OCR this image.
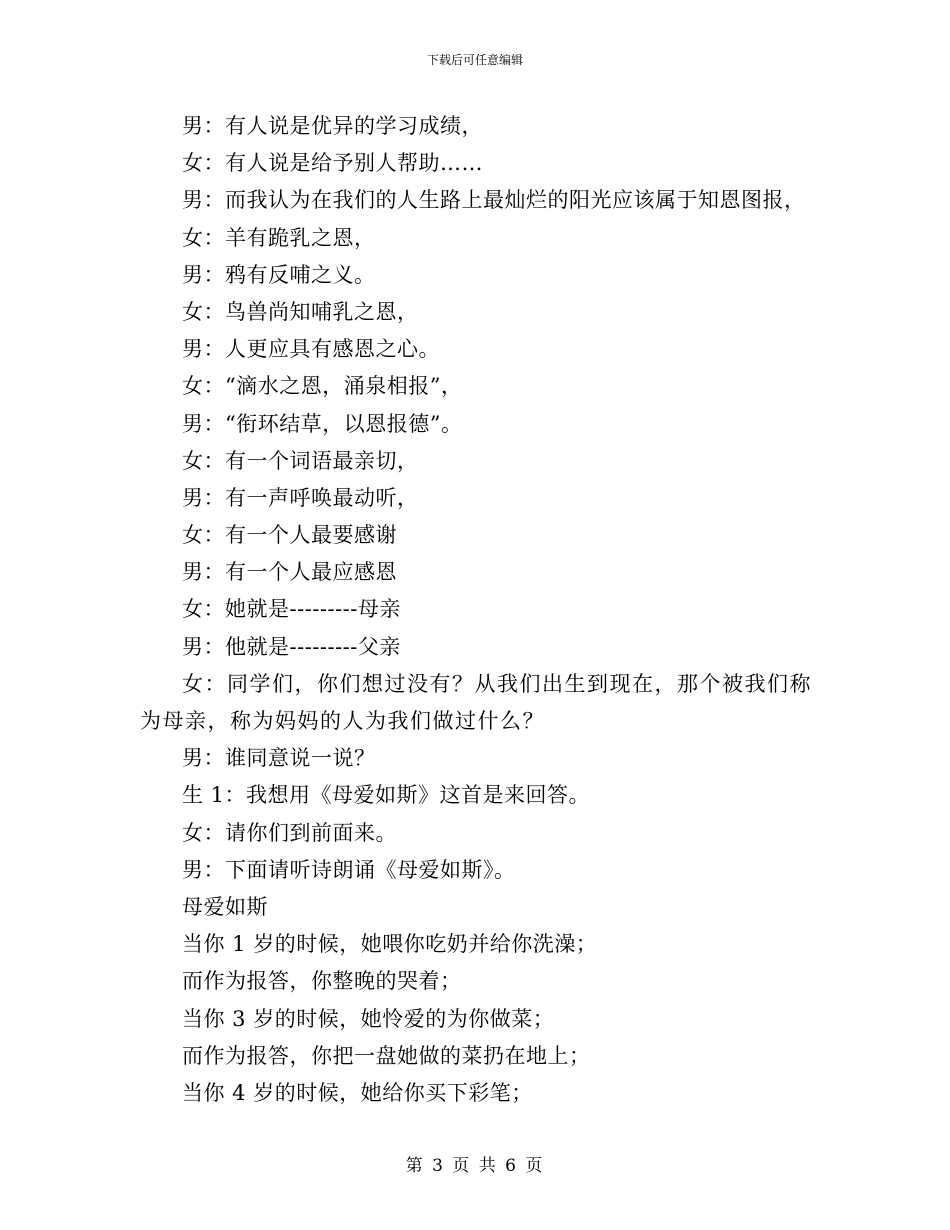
下载后可任意编辑

男：有人说是优异的学习成绩，

女：有人说是给予别人帮助……

男：而我认为在我们的人生路上最灿烂的阳光应该属于知恩图报，

女：羊有跪乳之恩，

男：鸦有反哺之义。

女：鸟兽尚知哺乳之恩，

男：人更应具有感恩之心。

女：“滴水之恩，涌泉相报”，

男：“衔环结草，以恩报德”。

女：有一个词语最亲切，

男：有一声呼唤最动听，

女：有一个人最要感谢

男：有一个人最应感恩

女：她就是---------母亲

男：他就是---------父亲

女：同学们，你们想过没有？从我们出生到现在，那个被我们称为母亲，称为妈妈的人为我们做过什么？

男：谁同意说一说？

生 1：我想用《母爱如斯》这首是来回答。

女：请你们到前面来。

男：下面请听诗朗诵《母爱如斯》。

母爱如斯

当你 1 岁的时候，她喂你吃奶并给你洗澡；

而作为报答，你整晚的哭着；

当你 3 岁的时候，她怜爱的为你做菜；

而作为报答，你把一盘她做的菜扔在地上；

当你 4 岁的时候，她给你买下彩笔；

第 3 页 共 6 页
